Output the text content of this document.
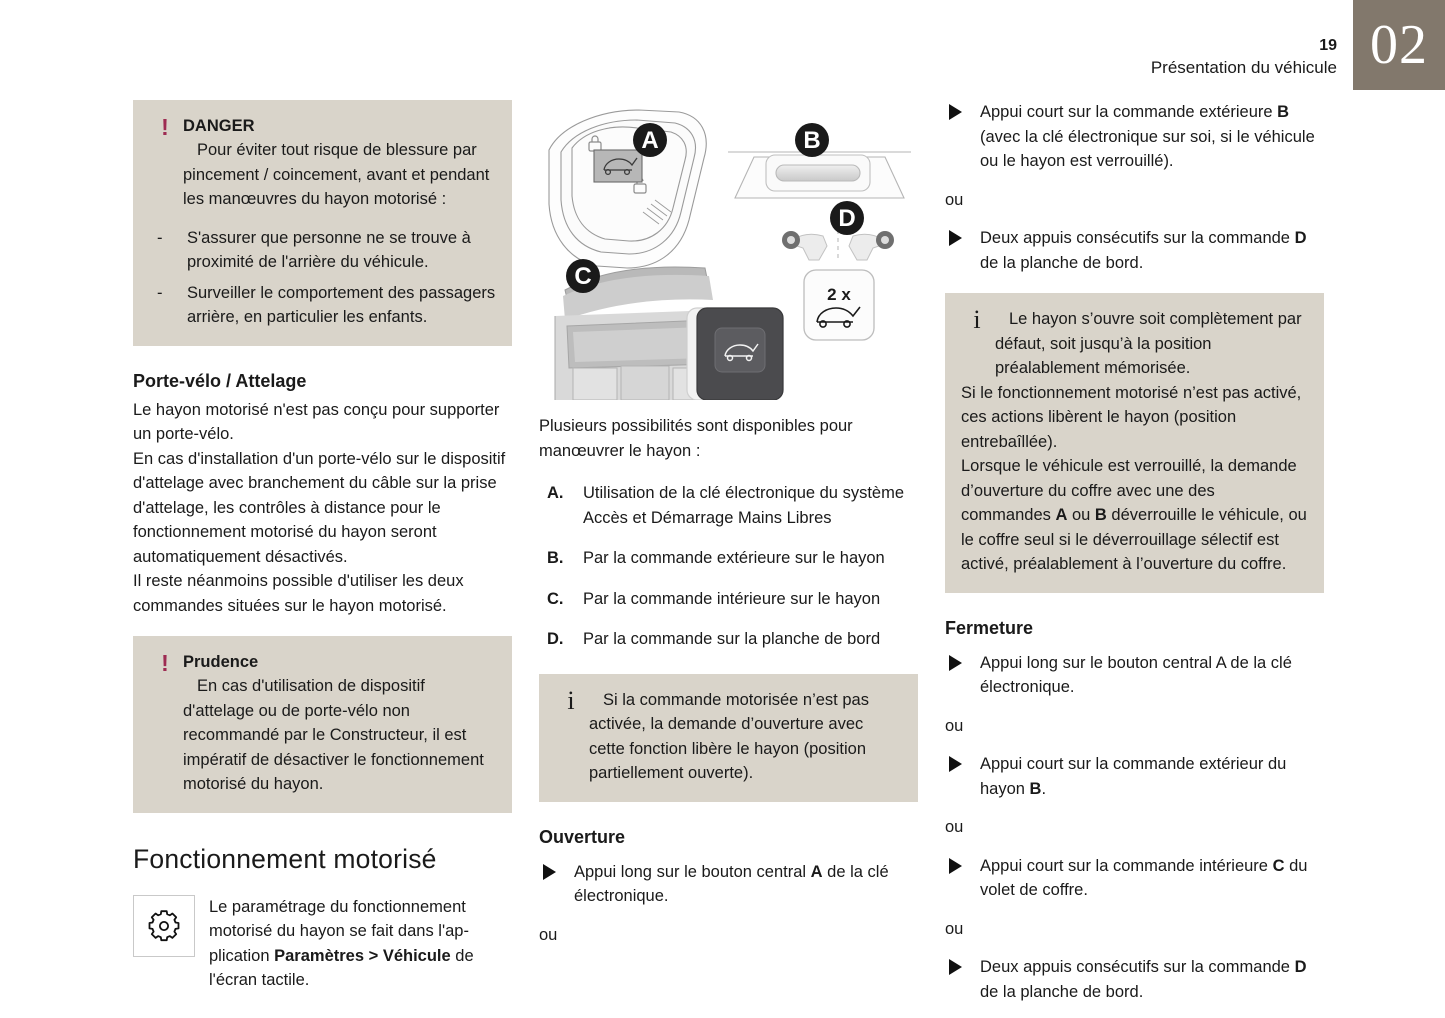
19
Présentation du véhicule 02
! DANGER

Pour éviter tout risque de blessure par pincement / coincement, avant et pendant les manœuvres du hayon motorisé :

- S'assurer que personne ne se trouve à proximité de l'arrière du véhicule.
- Surveiller le comportement des passagers arrière, en particulier les enfants.
Porte-vélo / Attelage

Le hayon motorisé n'est pas conçu pour supporter un porte-vélo.

En cas d'installation d'un porte-vélo sur le dispositif d'attelage avec branchement du câble sur la prise d'attelage, les contrôles à distance pour le fonctionnement motorisé du hayon seront automatiquement désactivés.

Il reste néanmoins possible d'utiliser les deux commandes situées sur le hayon motorisé.

! Prudence

En cas d'utilisation de dispositif d'attelage ou de porte-vélo non recommandé par le Constructeur, il est impératif de désactiver le fonctionnement motorisé du hayon.

Fonctionnement motorisé
Le paramétrage du fonctionnement motorisé du hayon se fait dans l'ap-plication Paramètres > Véhicule de l'écran tactile.
A	B
2 x
D
C

Plusieurs possibilités sont disponibles pour manœuvrer le hayon :

A. Utilisation de la clé électronique du système Accès et Démarrage Mains Libres
B. Par la commande extérieure sur le hayon
C. Par la commande intérieure sur le hayon
D. Par la commande sur la planche de bord
i	Si la commande motorisée n’est pas activée, la demande d’ouverture avec cette fonction libère le hayon (position partiellement ouverte).

Ouverture
Appui long sur le bouton central A de la clé électronique.

ou

Appui court sur la commande extérieure B (avec la clé électronique sur soi, si le véhicule ou le hayon est verrouillé).

ou

Deux appuis consécutifs sur la commande D de la planche de bord.
i	Le hayon s’ouvre soit complètement par défaut, soit jusqu’à la position préalablement mémorisée.

Si le fonctionnement motorisé n’est pas activé, ces actions libèrent le hayon (position entrebaîllée).

Lorsque le véhicule est verrouillé, la demande d’ouverture du coffre avec une des commandes A ou B déverrouille le véhicule, ou le coffre seul si le déverrouillage sélectif est activé, préalablement à l’ouverture du coffre.

Fermeture
Appui long sur le bouton central A de la clé électronique.

ou

Appui court sur la commande extérieur du hayon B.

ou

Appui court sur la commande intérieure C du volet de coffre.

ou

Deux appuis consécutifs sur la commande D de la planche de bord.
